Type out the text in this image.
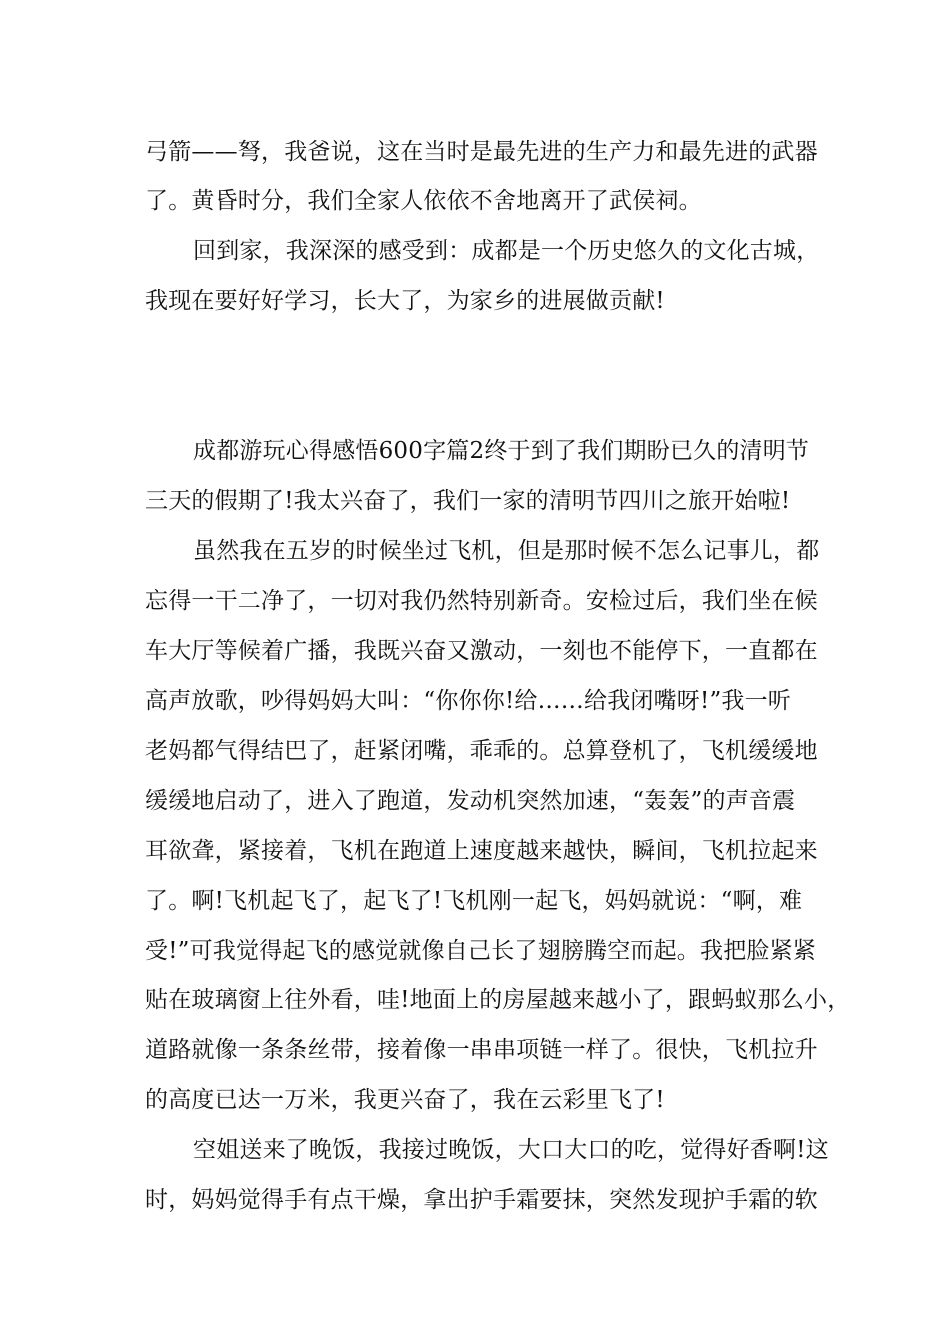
弓箭——弩，我爸说，这在当时是最先进的生产力和最先进的武器
了。黄昏时分，我们全家人依依不舍地离开了武侯祠。
回到家，我深深的感受到：成都是一个历史悠久的文化古城，
我现在要好好学习，长大了，为家乡的进展做贡献!
成都游玩心得感悟600字篇2终于到了我们期盼已久的清明节
三天的假期了!我太兴奋了，我们一家的清明节四川之旅开始啦!
虽然我在五岁的时候坐过飞机，但是那时候不怎么记事儿，都
忘得一干二净了，一切对我仍然特别新奇。安检过后，我们坐在候
车大厅等候着广播，我既兴奋又激动，一刻也不能停下，一直都在
高声放歌，吵得妈妈大叫：“你你你!给……给我闭嘴呀!”我一听
老妈都气得结巴了，赶紧闭嘴，乖乖的。总算登机了，飞机缓缓地
缓缓地启动了，进入了跑道，发动机突然加速，“轰轰”的声音震
耳欲聋，紧接着，飞机在跑道上速度越来越快，瞬间，飞机拉起来
了。啊!飞机起飞了，起飞了!飞机刚一起飞，妈妈就说：“啊，难
受!”可我觉得起飞的感觉就像自己长了翅膀腾空而起。我把脸紧紧
贴在玻璃窗上往外看，哇!地面上的房屋越来越小了，跟蚂蚁那么小，
道路就像一条条丝带，接着像一串串项链一样了。很快，飞机拉升
的高度已达一万米，我更兴奋了，我在云彩里飞了!
空姐送来了晚饭，我接过晚饭，大口大口的吃，觉得好香啊!这
时，妈妈觉得手有点干燥，拿出护手霜要抹，突然发现护手霜的软
